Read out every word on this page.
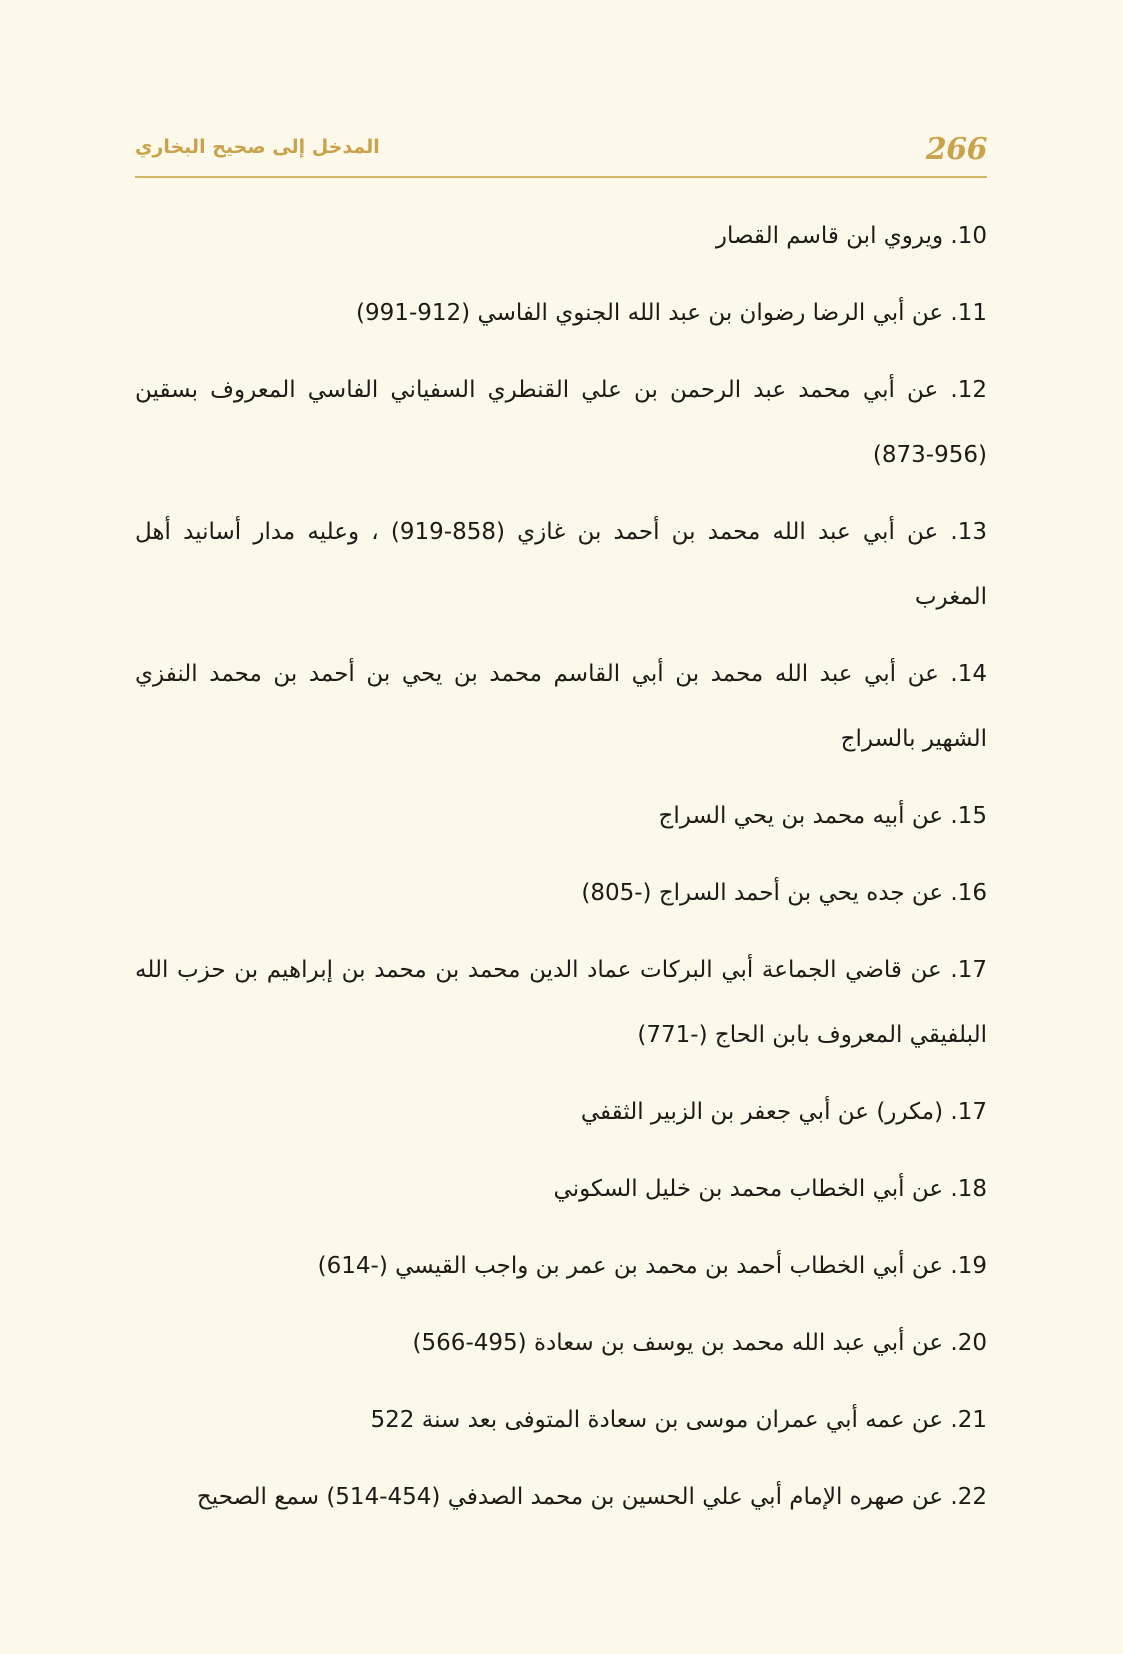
266
المدخل إلى صحيح البخاري

10. ويروي ابن قاسم القصار

11. عن أبي الرضا رضوان بن عبد الله الجنوي الفاسي (912-991)

12. عن أبي محمد عبد الرحمن بن علي القنطري السفياني الفاسي المعروف بسقين (956-873)

13. عن أبي عبد الله محمد بن أحمد بن غازي (858-919) ، وعليه مدار أسانيد أهل المغرب

14. عن أبي عبد الله محمد بن أبي القاسم محمد بن يحي بن أحمد بن محمد النفزي الشهير بالسراج

15. عن أبيه محمد بن يحي السراج

16. عن جده يحي بن أحمد السراج (-805)

17. عن قاضي الجماعة أبي البركات عماد الدين محمد بن محمد بن إبراهيم بن حزب الله البلفيقي المعروف بابن الحاج (-771)

17. (مكرر) عن أبي جعفر بن الزبير الثقفي

18. عن أبي الخطاب محمد بن خليل السكوني

19. عن أبي الخطاب أحمد بن محمد بن عمر بن واجب القيسي (-614)

20. عن أبي عبد الله محمد بن يوسف بن سعادة (495-566)

21. عن عمه أبي عمران موسى بن سعادة المتوفى بعد سنة 522

22. عن صهره الإمام أبي علي الحسين بن محمد الصدفي (454-514) سمع الصحيح
